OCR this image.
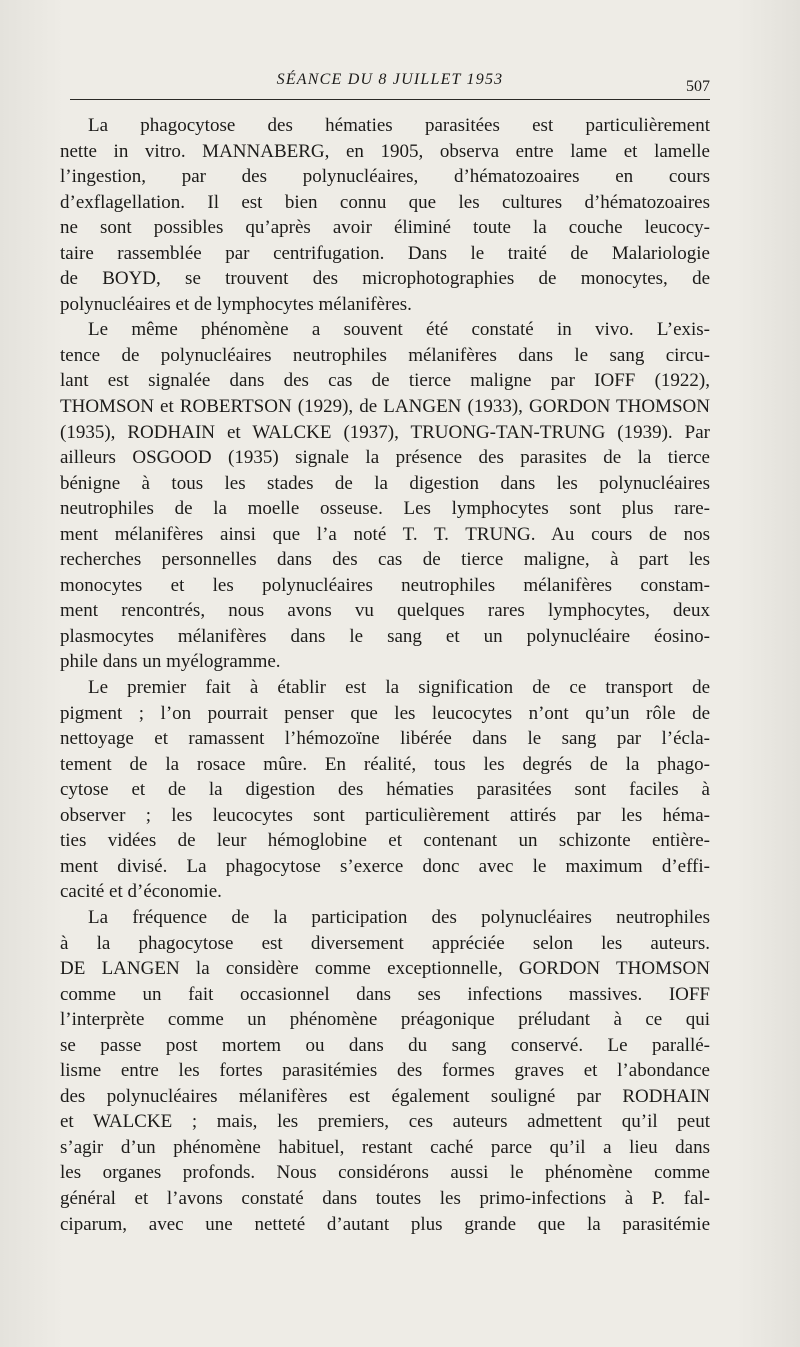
SÉANCE DU 8 JUILLET 1953	507
La phagocytose des hématies parasitées est particulièrement
nette in vitro. MANNABERG, en 1905, observa entre lame et lamelle
l’ingestion, par des polynucléaires, d’hématozoaires en cours
d’exflagellation. Il est bien connu que les cultures d’hématozoaires
ne sont possibles qu’après avoir éliminé toute la couche leucocy-
taire rassemblée par centrifugation. Dans le traité de Malariologie
de BOYD, se trouvent des microphotographies de monocytes, de
polynucléaires et de lymphocytes mélanifères.
Le même phénomène a souvent été constaté in vivo. L’exis-
tence de polynucléaires neutrophiles mélanifères dans le sang circu-
lant est signalée dans des cas de tierce maligne par IOFF (1922),
THOMSON et ROBERTSON (1929), de LANGEN (1933), GORDON THOMSON
(1935), RODHAIN et WALCKE (1937), TRUONG-TAN-TRUNG (1939). Par
ailleurs OSGOOD (1935) signale la présence des parasites de la tierce
bénigne à tous les stades de la digestion dans les polynucléaires
neutrophiles de la moelle osseuse. Les lymphocytes sont plus rare-
ment mélanifères ainsi que l’a noté T. T. TRUNG. Au cours de nos
recherches personnelles dans des cas de tierce maligne, à part les
monocytes et les polynucléaires neutrophiles mélanifères constam-
ment rencontrés, nous avons vu quelques rares lymphocytes, deux
plasmocytes mélanifères dans le sang et un polynucléaire éosino-
phile dans un myélogramme.
Le premier fait à établir est la signification de ce transport de
pigment ; l’on pourrait penser que les leucocytes n’ont qu’un rôle de
nettoyage et ramassent l’hémozoïne libérée dans le sang par l’écla-
tement de la rosace mûre. En réalité, tous les degrés de la phago-
cytose et de la digestion des hématies parasitées sont faciles à
observer ; les leucocytes sont particulièrement attirés par les héma-
ties vidées de leur hémoglobine et contenant un schizonte entière-
ment divisé. La phagocytose s’exerce donc avec le maximum d’effi-
cacité et d’économie.
La fréquence de la participation des polynucléaires neutrophiles
à la phagocytose est diversement appréciée selon les auteurs.
DE LANGEN la considère comme exceptionnelle, GORDON THOMSON
comme un fait occasionnel dans ses infections massives. IOFF
l’interprète comme un phénomène préagonique préludant à ce qui
se passe post mortem ou dans du sang conservé. Le parallé-
lisme entre les fortes parasitémies des formes graves et l’abondance
des polynucléaires mélanifères est également souligné par RODHAIN
et WALCKE ; mais, les premiers, ces auteurs admettent qu’il peut
s’agir d’un phénomène habituel, restant caché parce qu’il a lieu dans
les organes profonds. Nous considérons aussi le phénomène comme
général et l’avons constaté dans toutes les primo-infections à P. fal-
ciparum, avec une netteté d’autant plus grande que la parasitémie
